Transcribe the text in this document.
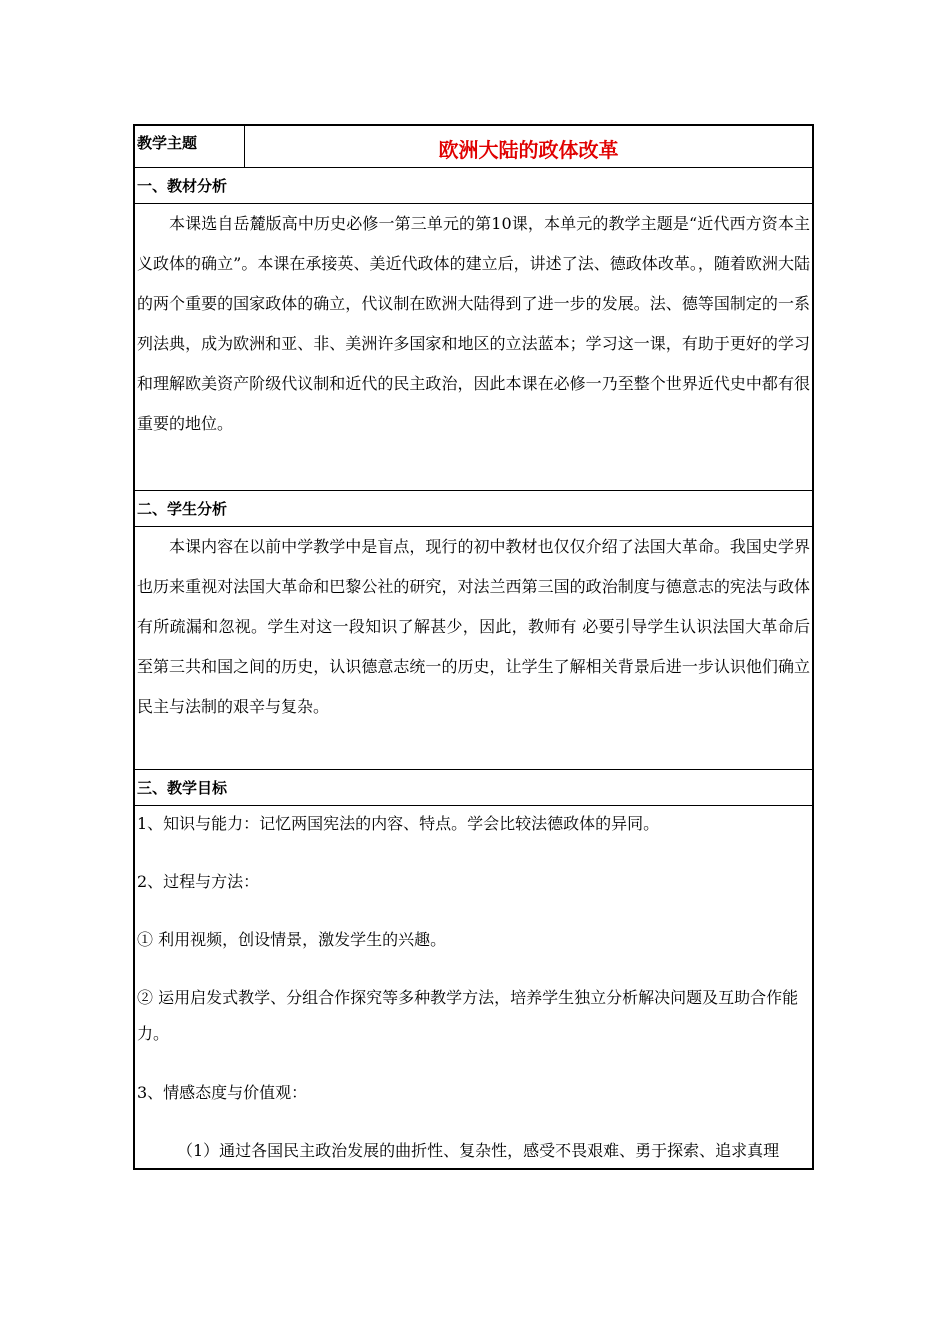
教学主题	欧洲大陆的政体改革
一、教材分析

本课选自岳麓版高中历史必修一第三单元的第10课，本单元的教学主题是“近代西方资本主义政体的确立”。本课在承接英、美近代政体的建立后，讲述了法、德政体改革。，随着欧洲大陆的两个重要的国家政体的确立，代议制在欧洲大陆得到了进一步的发展。法、德等国制定的一系列法典，成为欧洲和亚、非、美洲许多国家和地区的立法蓝本；学习这一课，有助于更好的学习和理解欧美资产阶级代议制和近代的民主政治，因此本课在必修一乃至整个世界近代史中都有很重要的地位。

二、学生分析

本课内容在以前中学教学中是盲点，现行的初中教材也仅仅介绍了法国大革命。我国史学界也历来重视对法国大革命和巴黎公社的研究，对法兰西第三国的政治制度与德意志的宪法与政体有所疏漏和忽视。学生对这一段知识了解甚少，因此，教师有 必要引导学生认识法国大革命后至第三共和国之间的历史，认识德意志统一的历史，让学生了解相关背景后进一步认识他们确立民主与法制的艰辛与复杂。

三、教学目标

1、知识与能力：记忆两国宪法的内容、特点。学会比较法德政体的异同。

2、过程与方法：

① 利用视频，创设情景，激发学生的兴趣。

② 运用启发式教学、分组合作探究等多种教学方法，培养学生独立分析解决问题及互助合作能力。

3、情感态度与价值观：

（1）通过各国民主政治发展的曲折性、复杂性，感受不畏艰难、勇于探索、追求真理
